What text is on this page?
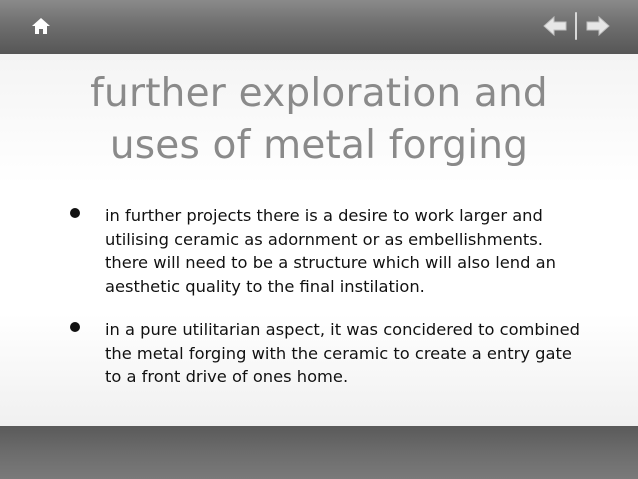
further exploration and
uses of metal forging
in further projects there is a desire to work larger and utilising ceramic as adornment or as embellishments. there will need to be a structure which will also lend an aesthetic quality to the final instilation.
in a pure utilitarian aspect, it was concidered to combined the metal forging with the ceramic to create a entry gate to a front drive of ones home.
